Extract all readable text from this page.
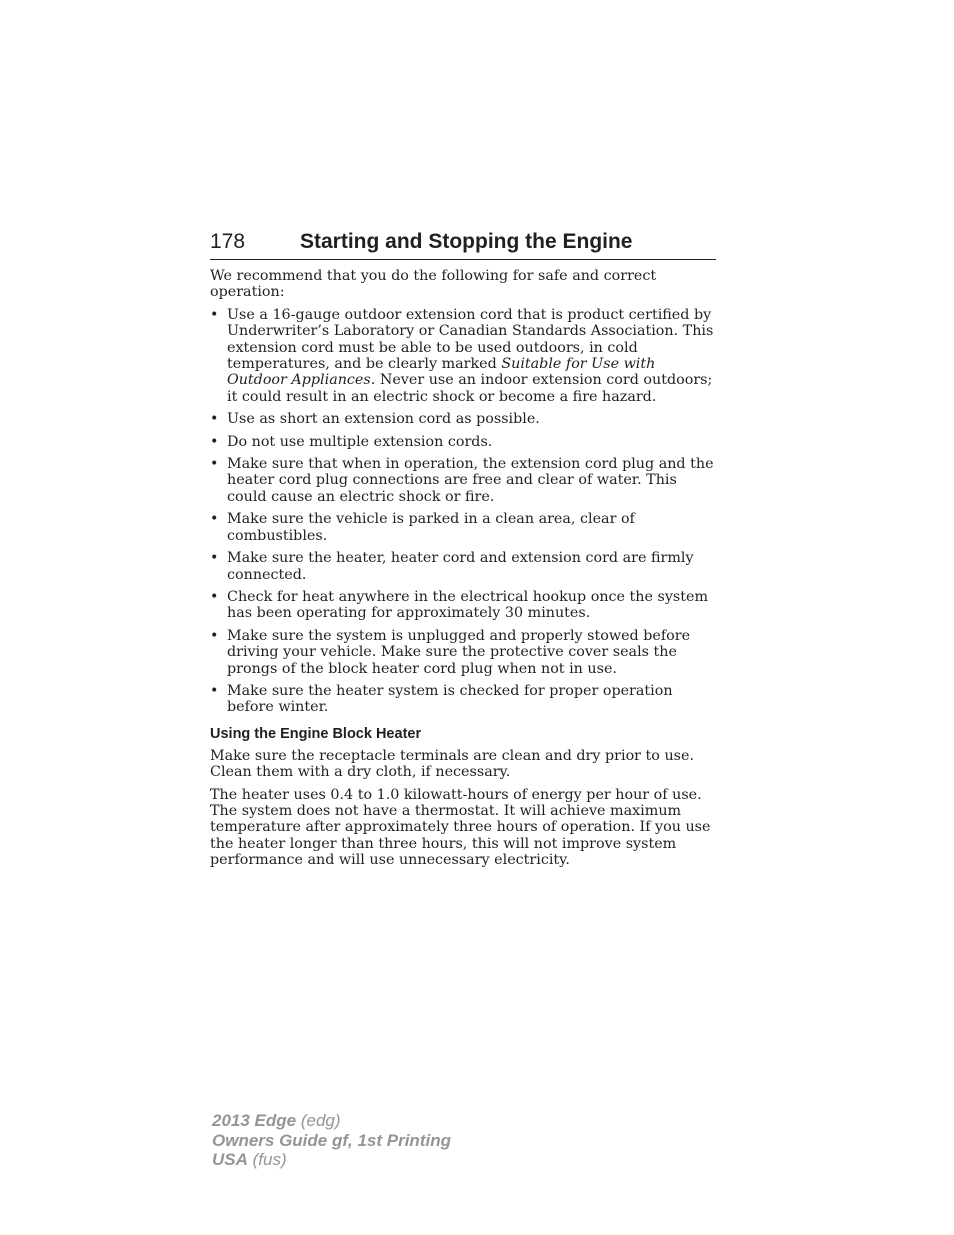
178	Starting and Stopping the Engine

We recommend that you do the following for safe and correct operation:

• Use a 16-gauge outdoor extension cord that is product certified by Underwriter’s Laboratory or Canadian Standards Association. This extension cord must be able to be used outdoors, in cold temperatures, and be clearly marked Suitable for Use with Outdoor Appliances. Never use an indoor extension cord outdoors; it could result in an electric shock or become a fire hazard.
• Use as short an extension cord as possible.
• Do not use multiple extension cords.
• Make sure that when in operation, the extension cord plug and the heater cord plug connections are free and clear of water. This could cause an electric shock or fire.
• Make sure the vehicle is parked in a clean area, clear of combustibles.
• Make sure the heater, heater cord and extension cord are firmly connected.
• Check for heat anywhere in the electrical hookup once the system has been operating for approximately 30 minutes.
• Make sure the system is unplugged and properly stowed before driving your vehicle. Make sure the protective cover seals the prongs of the block heater cord plug when not in use.
• Make sure the heater system is checked for proper operation before winter.
Using the Engine Block Heater

Make sure the receptacle terminals are clean and dry prior to use. Clean them with a dry cloth, if necessary.

The heater uses 0.4 to 1.0 kilowatt-hours of energy per hour of use. The system does not have a thermostat. It will achieve maximum temperature after approximately three hours of operation. If you use the heater longer than three hours, this will not improve system performance and will use unnecessary electricity.

2013 Edge (edg)
Owners Guide gf, 1st Printing
USA (fus)
